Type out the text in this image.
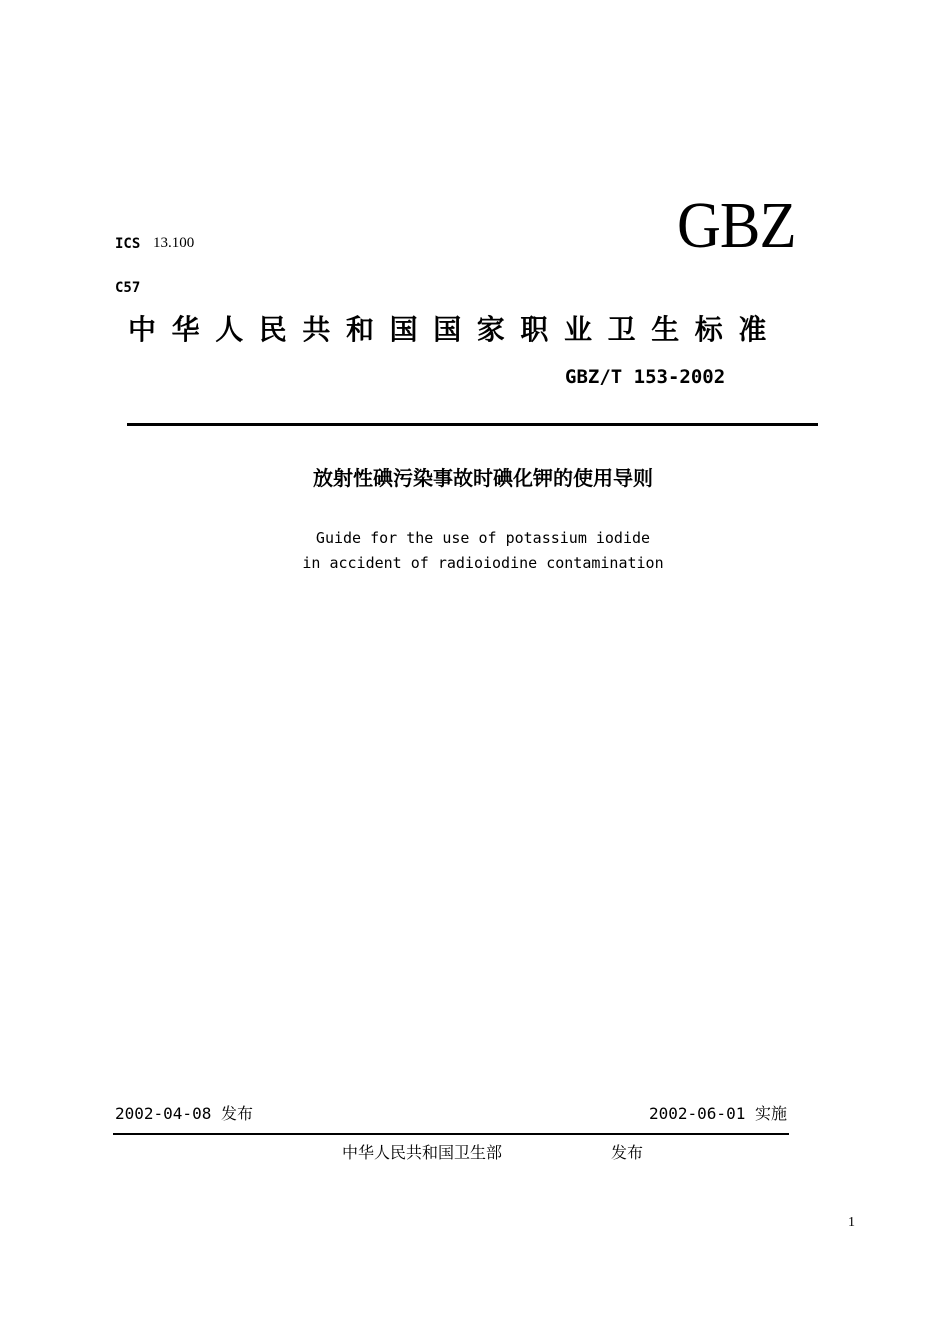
ICS 13.100	GBZ
C57
中华人民共和国国家职业卫生标准
GBZ/T 153-2002
放射性碘污染事故时碘化钾的使用导则
Guide for the use of potassium iodide
in accident of radioiodine contamination
2002-04-08 发布	2002-06-01 实施
中华人民共和国卫生部	发布
1
